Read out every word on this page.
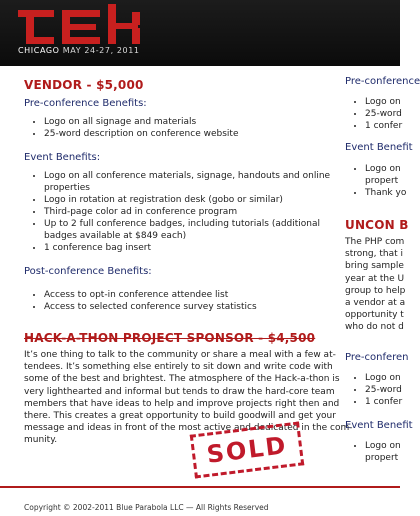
CHICAGO MAY 24-27, 2011
VENDOR - $5,000
Pre-conference Benefits:
• Logo on all signage and materials
• 25-word description on conference website
Event Benefits:
• Logo on all conference materials, signage, handouts and online
properties
• Logo in rotation at registration desk (gobo or similar)
• Third-page color ad in conference program
• Up to 2 full conference badges, including tutorials (additional
badges available at $849 each)
• 1 conference bag insert
Post-conference Benefits:
• Access to opt-in conference attendee list
• Access to selected conference survey statistics
HACK-A-THON PROJECT SPONSOR - $4,500
It’s one thing to talk to the community or share a meal with a few at-
tendees. It’s something else entirely to sit down and write code with
some of the best and brightest. The atmosphere of the Hack-a-thon is
very lighthearted and informal but tends to draw the hard-core team
members that have ideas to help and improve projects right then and
there. This creates a great opportunity to build goodwill and get your
message and ideas in front of the most active and dedicated in the com-
munity.	SOLD
Pre-conference
• Logo on
• 25-word
• 1 confer
Event Benefit
• Logo on
propert
• Thank yo
UNCON B
The PHP com
strong, that i
bring sample
year at the U
group to help
a vendor at a
opportunity t
who do not d
Pre-conferen
• Logo on
• 25-word
• 1 confer
Event Benefit
• Logo on
propert
Copyright © 2002-2011 Blue Parabola LLC — All Rights Reserved
